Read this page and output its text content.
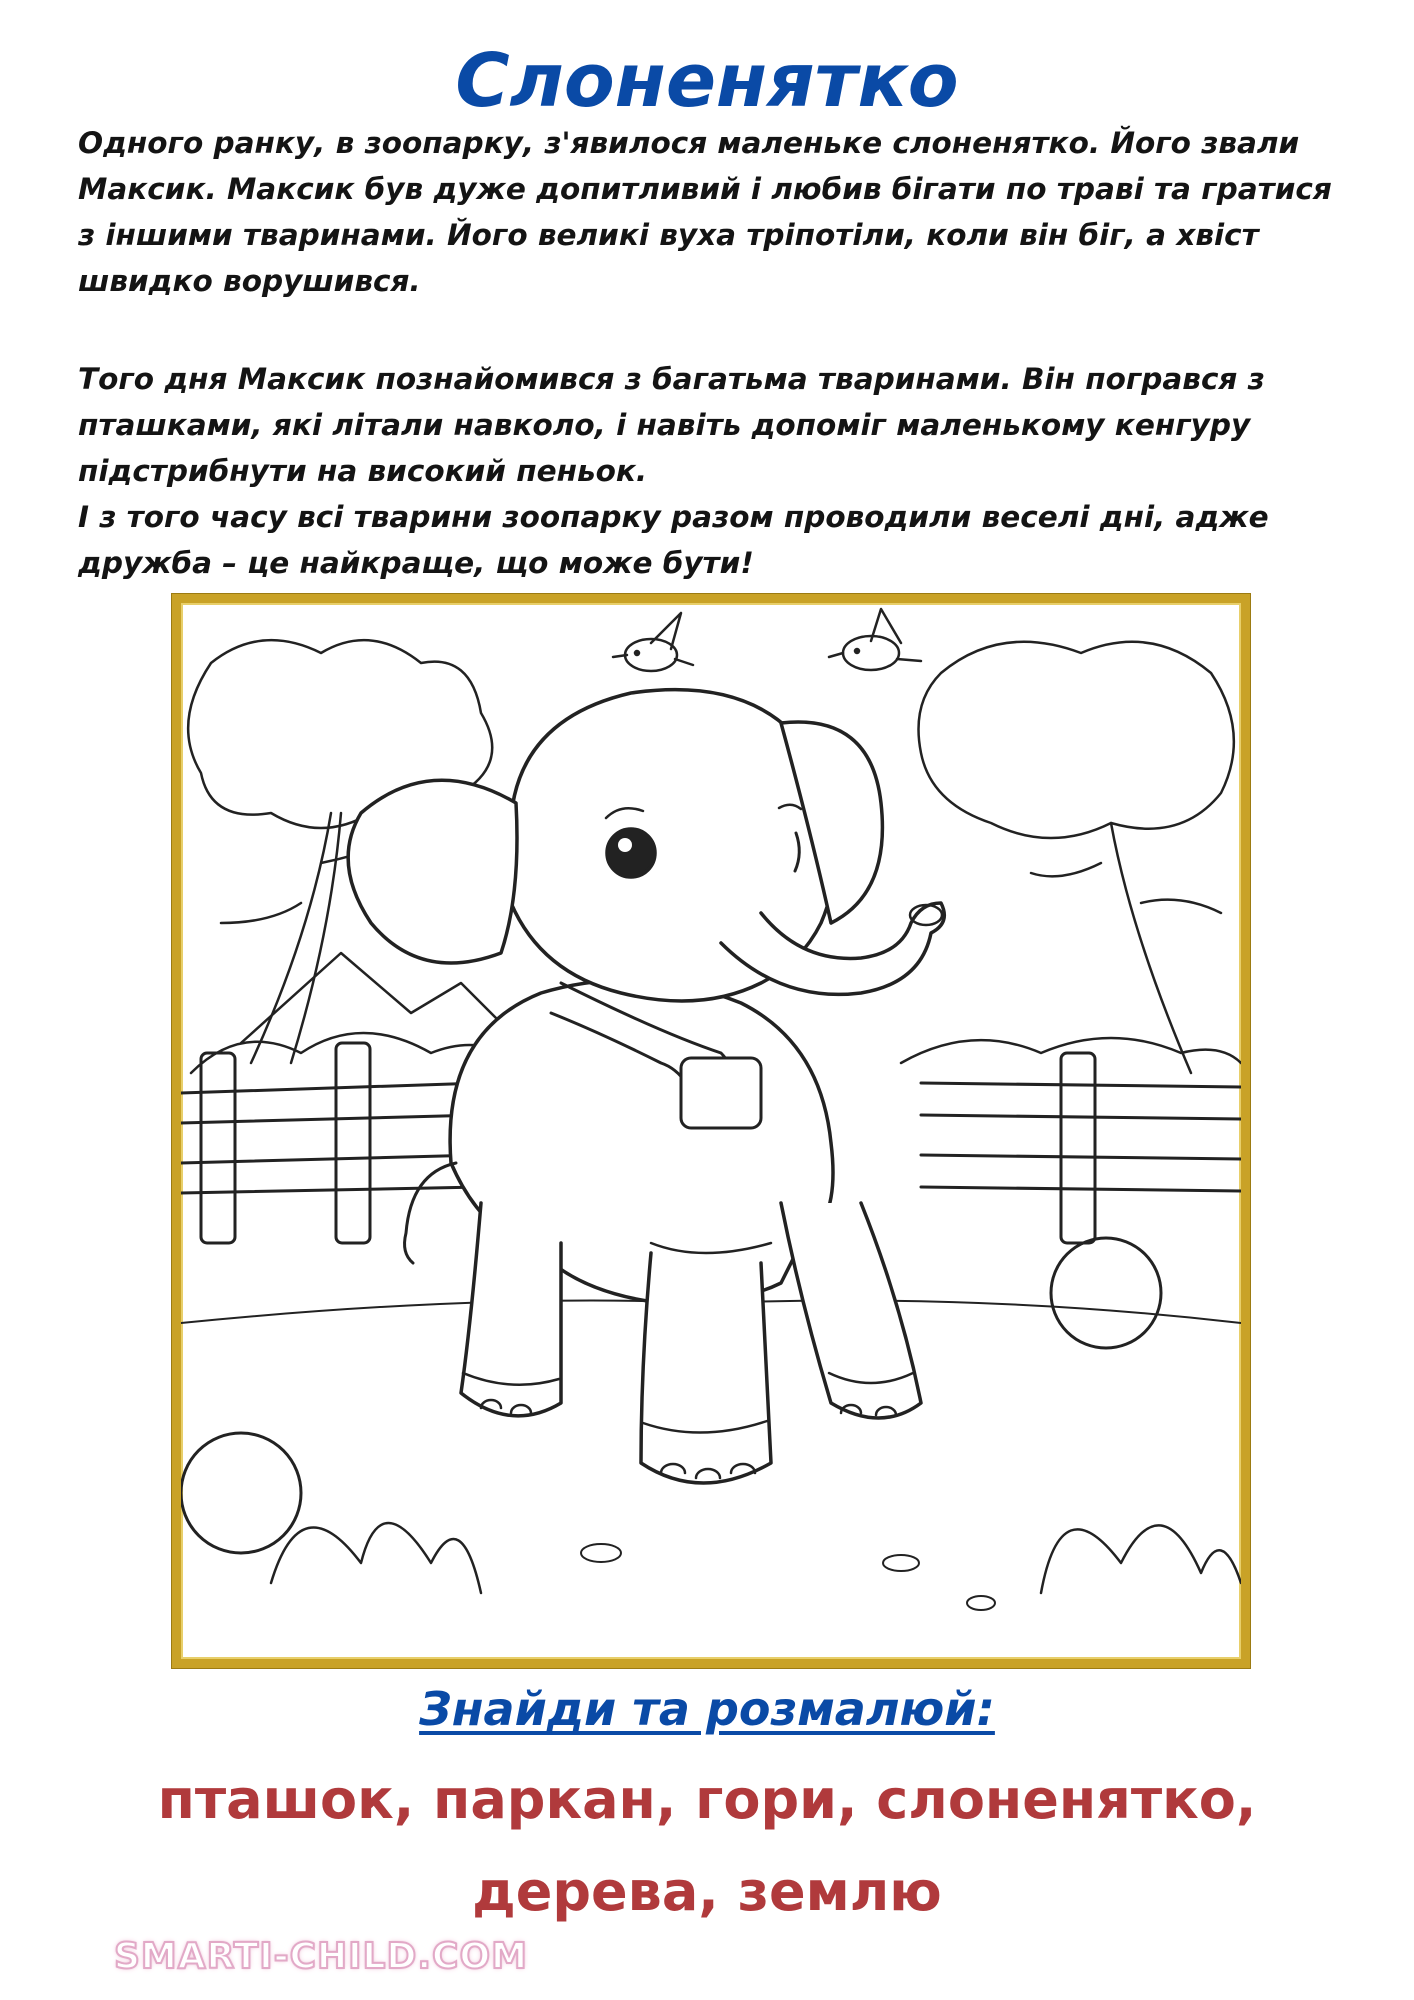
Слоненятко

Одного ранку, в зоопарку, з'явилося маленьке слоненятко. Його звали Максик. Максик був дуже допитливий і любив бігати по траві та гратися з іншими тваринами. Його великі вуха тріпотіли, коли він біг, а хвіст швидко ворушився.

Того дня Максик познайомився з багатьма тваринами. Він погрався з пташками, які літали навколо, і навіть допоміг маленькому кенгуру підстрибнути на високий пеньок.

І з того часу всі тварини зоопарку разом проводили веселі дні, адже дружба – це найкраще, що може бути!

Знайди та розмалюй:
пташок, паркан, гори, слоненятко, дерева, землю
SMARTI-CHILD.COM
